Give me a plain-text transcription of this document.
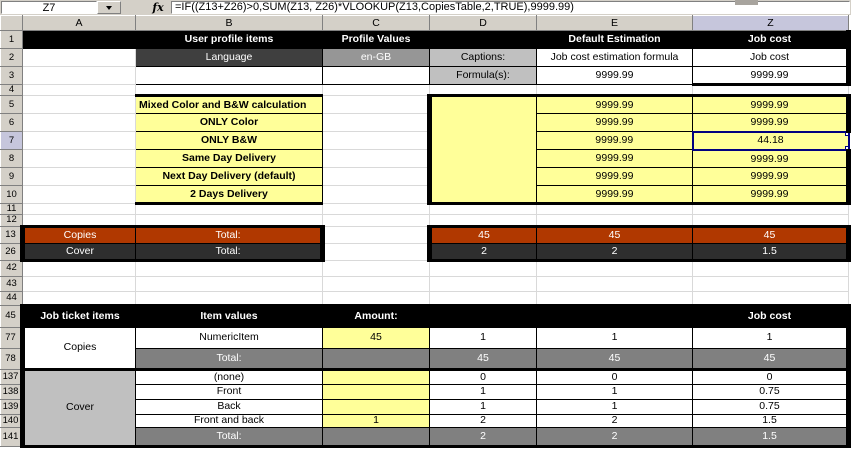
Z7	fx	=IF((Z13+Z26)>0,SUM(Z13, Z26)*VLOOKUP(Z13,CopiesTable,2,TRUE),9999.99)
	A	B	C	D	E	Z
1		User profile items	Profile Values		Default Estimation	Job cost
2		Language	en-GB	Captions:	Job cost estimation formula	Job cost
3				Formula(s):	9999.99	9999.99
4						
5		Mixed Color and B&W calculation			9999.99	9999.99
6		ONLY Color			9999.99	9999.99
7		ONLY B&W			9999.99	44.18
8		Same Day Delivery			9999.99	9999.99
9		Next Day Delivery (default)			9999.99	9999.99
10		2 Days Delivery			9999.99	9999.99
11						
12						
13	Copies	Total:		45	45	45
26	Cover	Total:		2	2	1.5
42						
43						
44						
45	Job ticket items	Item values	Amount:			Job cost
77	Copies	NumericItem	45	1	1	1
78		Total:		45	45	45
137	Cover	(none)		0	0	0
138		Front		1	1	0.75
139		Back		1	1	0.75
140		Front and back	1	2	2	1.5
141		Total:		2	2	1.5
